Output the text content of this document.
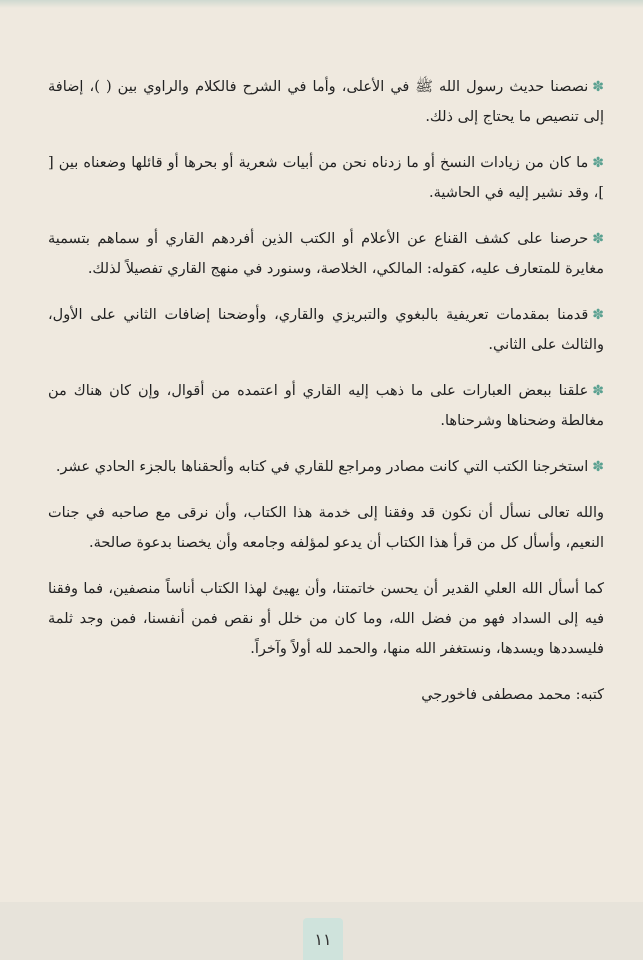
✽نصصنا حديث رسول الله ﷺ في الأعلى، وأما في الشرح فالكلام والراوي بين ( )، إضافة إلى تنصيص ما يحتاج إلى ذلك.

✽ما كان من زيادات النسخ أو ما زدناه نحن من أبيات شعرية أو بحرها أو قائلها وضعناه بين [ ]، وقد نشير إليه في الحاشية.

✽حرصنا على كشف القناع عن الأعلام أو الكتب الذين أفردهم القاري أو سماهم بتسمية مغايرة للمتعارف عليه، كقوله: المالكي، الخلاصة، وسنورد في منهج القاري تفصيلاً لذلك.

✽قدمنا بمقدمات تعريفية بالبغوي والتبريزي والقاري، وأوضحنا إضافات الثاني على الأول، والثالث على الثاني.

✽علقنا ببعض العبارات على ما ذهب إليه القاري أو اعتمده من أقوال، وإن كان هناك من مغالطة وضحناها وشرحناها.

✽استخرجنا الكتب التي كانت مصادر ومراجع للقاري في كتابه وألحقناها بالجزء الحادي عشر.

والله تعالى نسأل أن نكون قد وفقنا إلى خدمة هذا الكتاب، وأن نرقى مع صاحبه في جنات النعيم، وأسأل كل من قرأ هذا الكتاب أن يدعو لمؤلفه وجامعه وأن يخصنا بدعوة صالحة.

كما أسأل الله العلي القدير أن يحسن خاتمتنا، وأن يهيئ لهذا الكتاب أناساً منصفين، فما وفقنا فيه إلى السداد فهو من فضل الله، وما كان من خلل أو نقص فمن أنفسنا، فمن وجد ثلمة فليسددها ويسدها، ونستغفر الله منها، والحمد لله أولاً وآخراً.

كتبه: محمد مصطفى فاخورجي
١١
